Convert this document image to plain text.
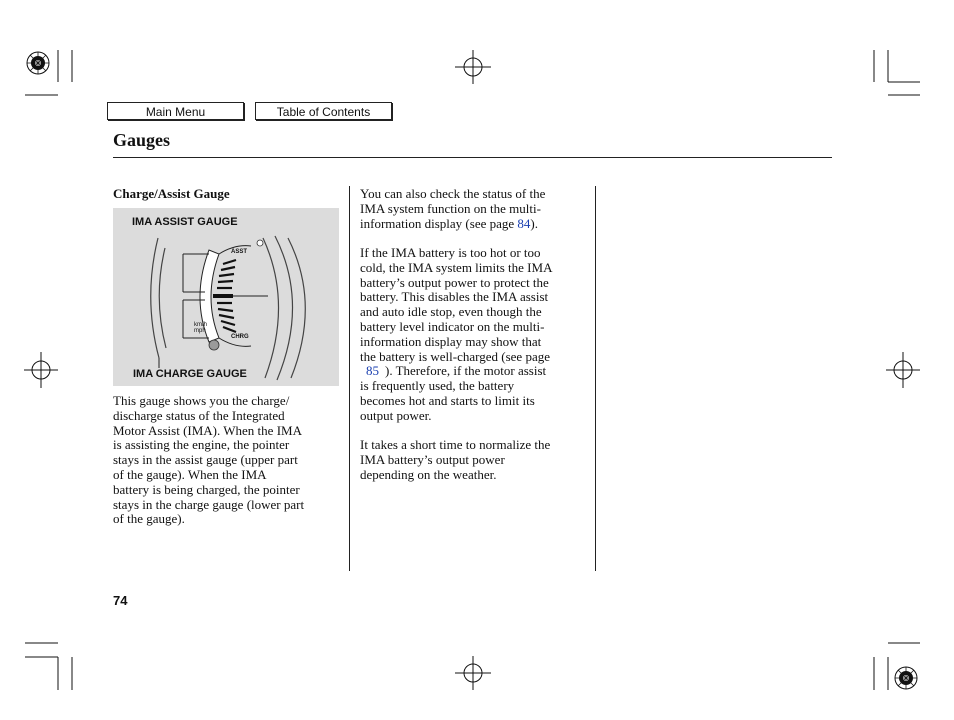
Main Menu	Table of Contents
Gauges
Charge/Assist Gauge
IMA ASSIST GAUGE
IMA CHARGE GAUGE
ASST
CHRG
km/h
mph

This gauge shows you the charge/

discharge status of the Integrated

Motor Assist (IMA). When the IMA

is assisting the engine, the pointer

stays in the assist gauge (upper part

of the gauge). When the IMA

battery is being charged, the pointer

stays in the charge gauge (lower part

of the gauge).

You can also check the status of the

IMA system function on the multi-

information display (see page 84).

If the IMA battery is too hot or too

cold, the IMA system limits the IMA

battery’s output power to protect the

battery. This disables the IMA assist

and auto idle stop, even though the

battery level indicator on the multi-

information display may show that

the battery is well-charged (see page

85 ). Therefore, if the motor assist

is frequently used, the battery

becomes hot and starts to limit its

output power.

It takes a short time to normalize the

IMA battery’s output power

depending on the weather.

74
